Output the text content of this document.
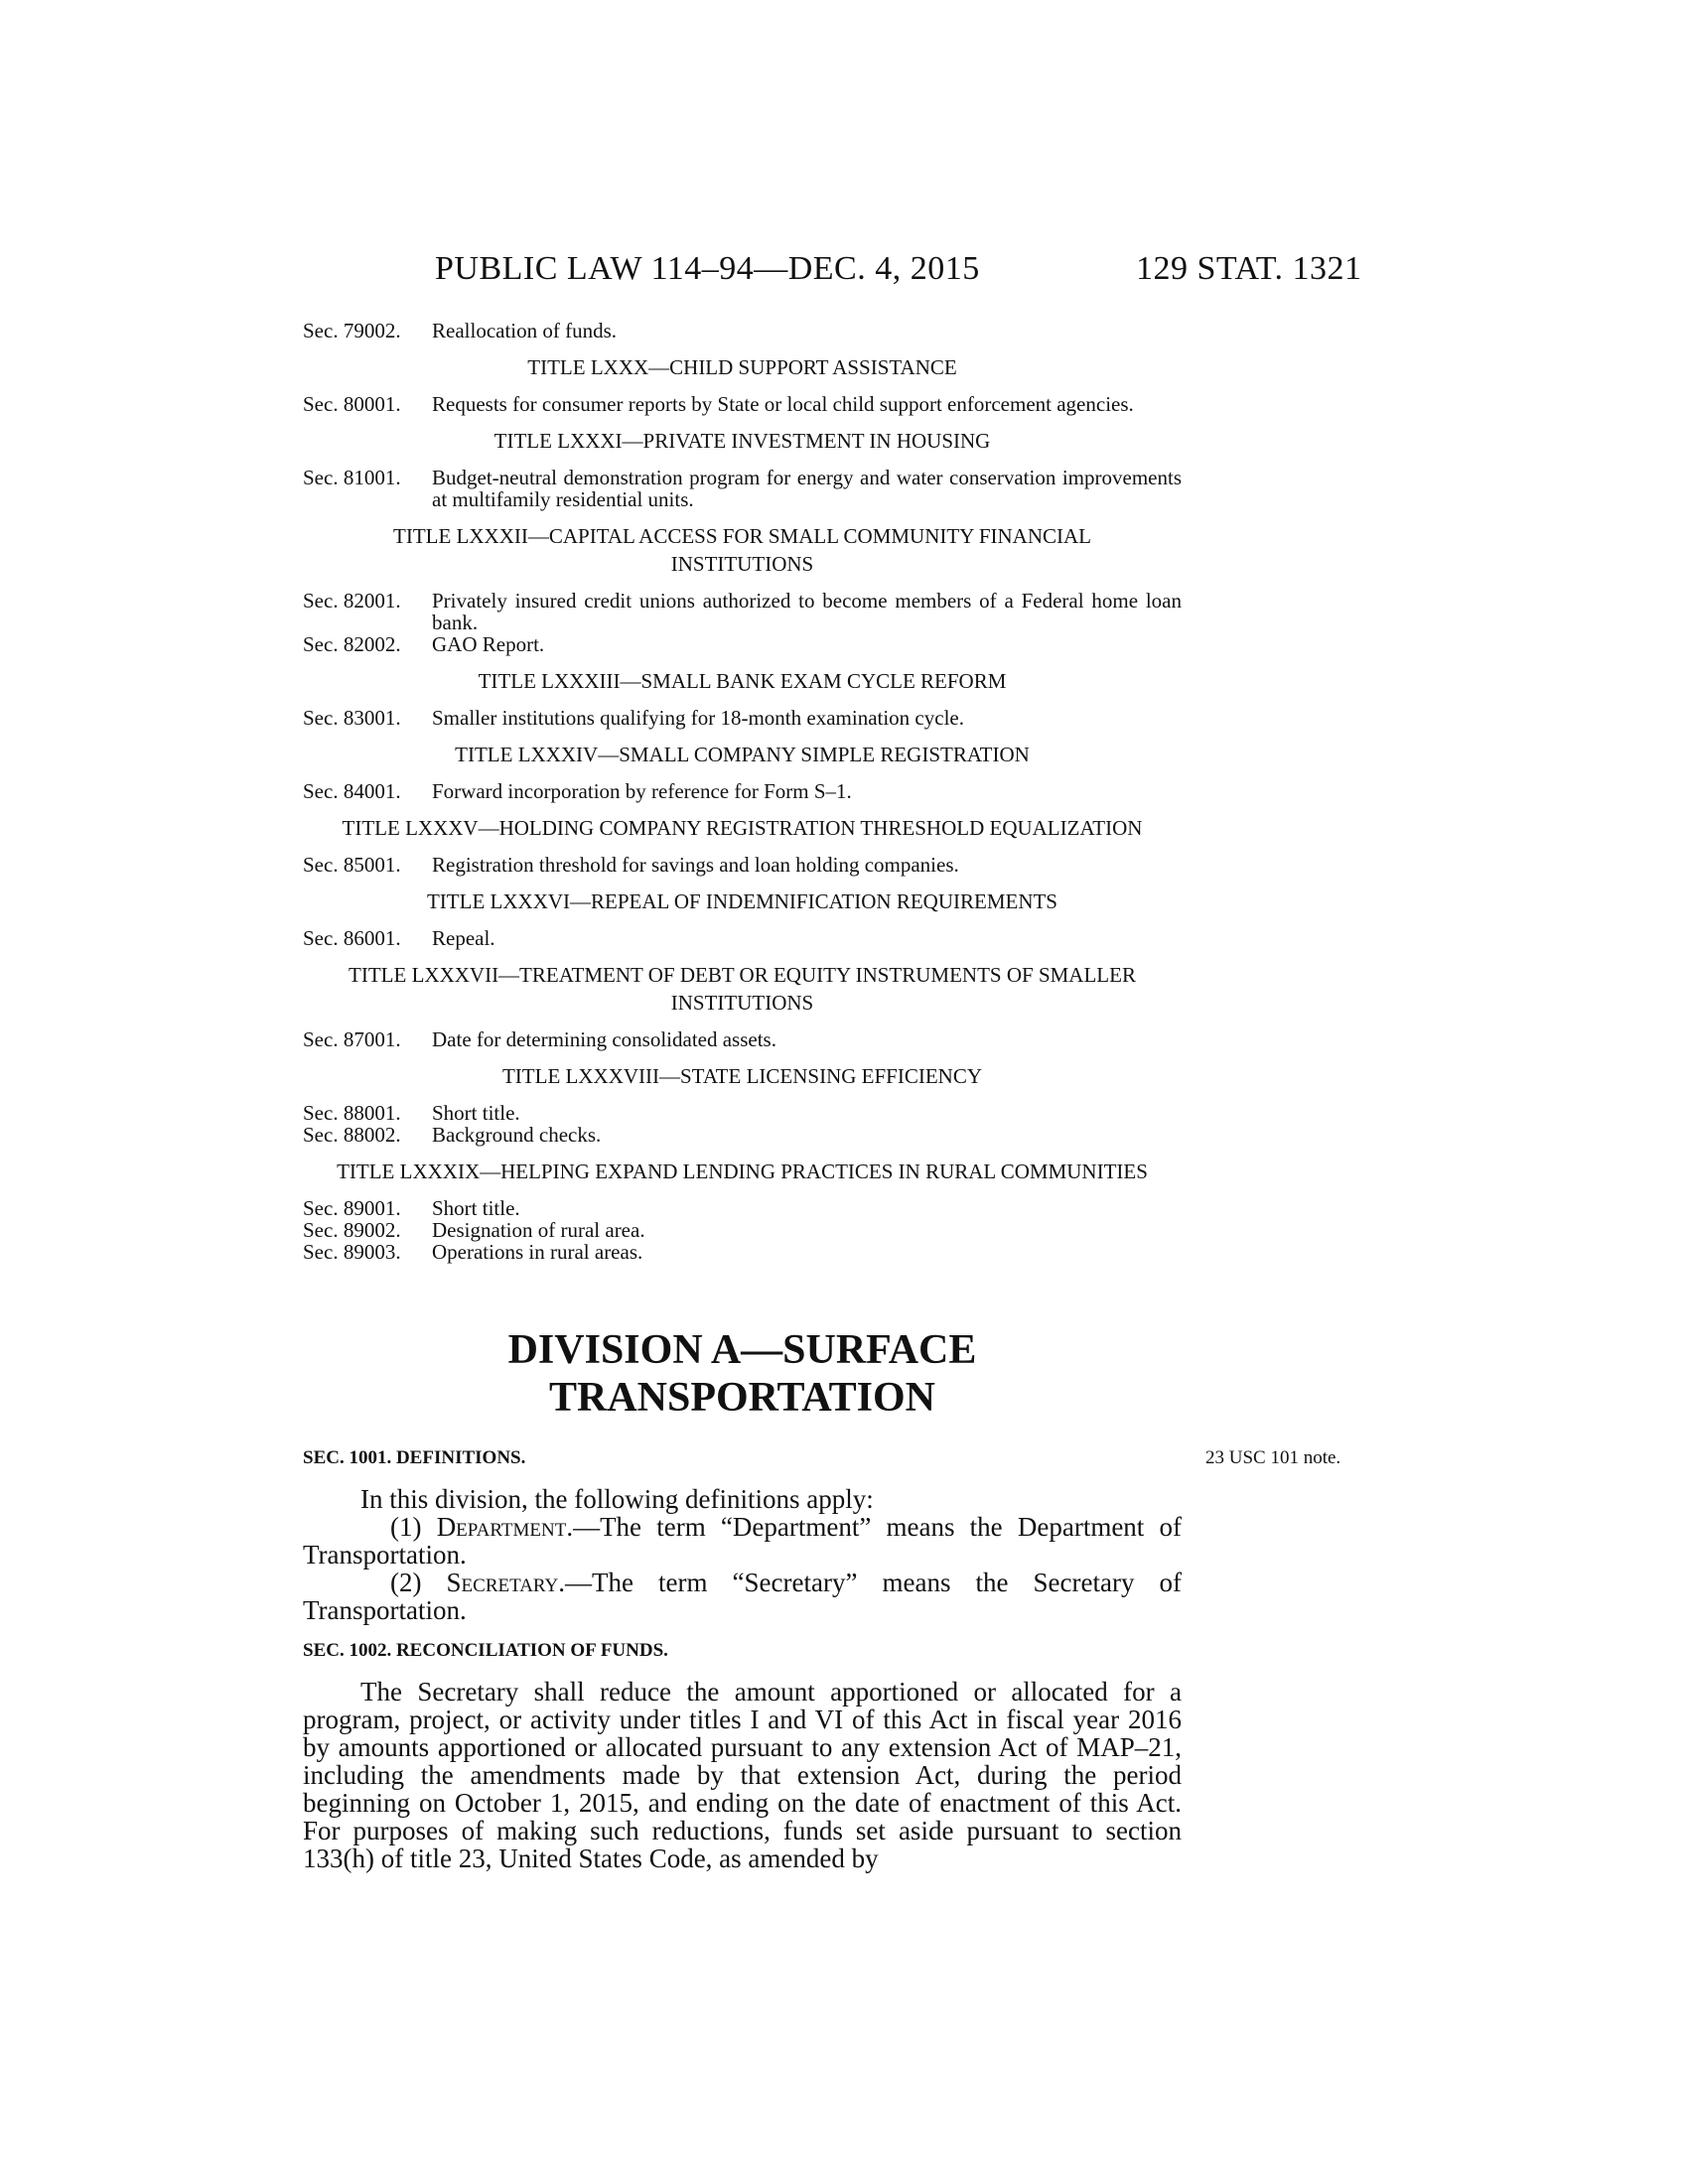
PUBLIC LAW 114–94—DEC. 4, 2015	129 STAT. 1321
Sec. 79002.	Reallocation of funds.
TITLE LXXX—CHILD SUPPORT ASSISTANCE
Sec. 80001.	Requests for consumer reports by State or local child support enforcement agencies.
TITLE LXXXI—PRIVATE INVESTMENT IN HOUSING
Sec. 81001.	Budget-neutral demonstration program for energy and water conservation improvements at multifamily residential units.
TITLE LXXXII—CAPITAL ACCESS FOR SMALL COMMUNITY FINANCIAL INSTITUTIONS
Sec. 82001.	Privately insured credit unions authorized to become members of a Federal home loan bank.
Sec. 82002.	GAO Report.
TITLE LXXXIII—SMALL BANK EXAM CYCLE REFORM
Sec. 83001.	Smaller institutions qualifying for 18-month examination cycle.
TITLE LXXXIV—SMALL COMPANY SIMPLE REGISTRATION
Sec. 84001.	Forward incorporation by reference for Form S–1.
TITLE LXXXV—HOLDING COMPANY REGISTRATION THRESHOLD EQUALIZATION
Sec. 85001.	Registration threshold for savings and loan holding companies.
TITLE LXXXVI—REPEAL OF INDEMNIFICATION REQUIREMENTS
Sec. 86001.	Repeal.
TITLE LXXXVII—TREATMENT OF DEBT OR EQUITY INSTRUMENTS OF SMALLER INSTITUTIONS
Sec. 87001.	Date for determining consolidated assets.
TITLE LXXXVIII—STATE LICENSING EFFICIENCY
Sec. 88001.	Short title.
Sec. 88002.	Background checks.
TITLE LXXXIX—HELPING EXPAND LENDING PRACTICES IN RURAL COMMUNITIES
Sec. 89001.	Short title.
Sec. 89002.	Designation of rural area.
Sec. 89003.	Operations in rural areas.
DIVISION A—SURFACE
TRANSPORTATION
23 USC 101 note.
SEC. 1001. DEFINITIONS.

In this division, the following definitions apply:

(1) Department.—The term “Department” means the Department of Transportation.

(2) Secretary.—The term “Secretary” means the Secretary of Transportation.

SEC. 1002. RECONCILIATION OF FUNDS.

The Secretary shall reduce the amount apportioned or allocated for a program, project, or activity under titles I and VI of this Act in fiscal year 2016 by amounts apportioned or allocated pursuant to any extension Act of MAP–21, including the amendments made by that extension Act, during the period beginning on October 1, 2015, and ending on the date of enactment of this Act. For purposes of making such reductions, funds set aside pursuant to section 133(h) of title 23, United States Code, as amended by
